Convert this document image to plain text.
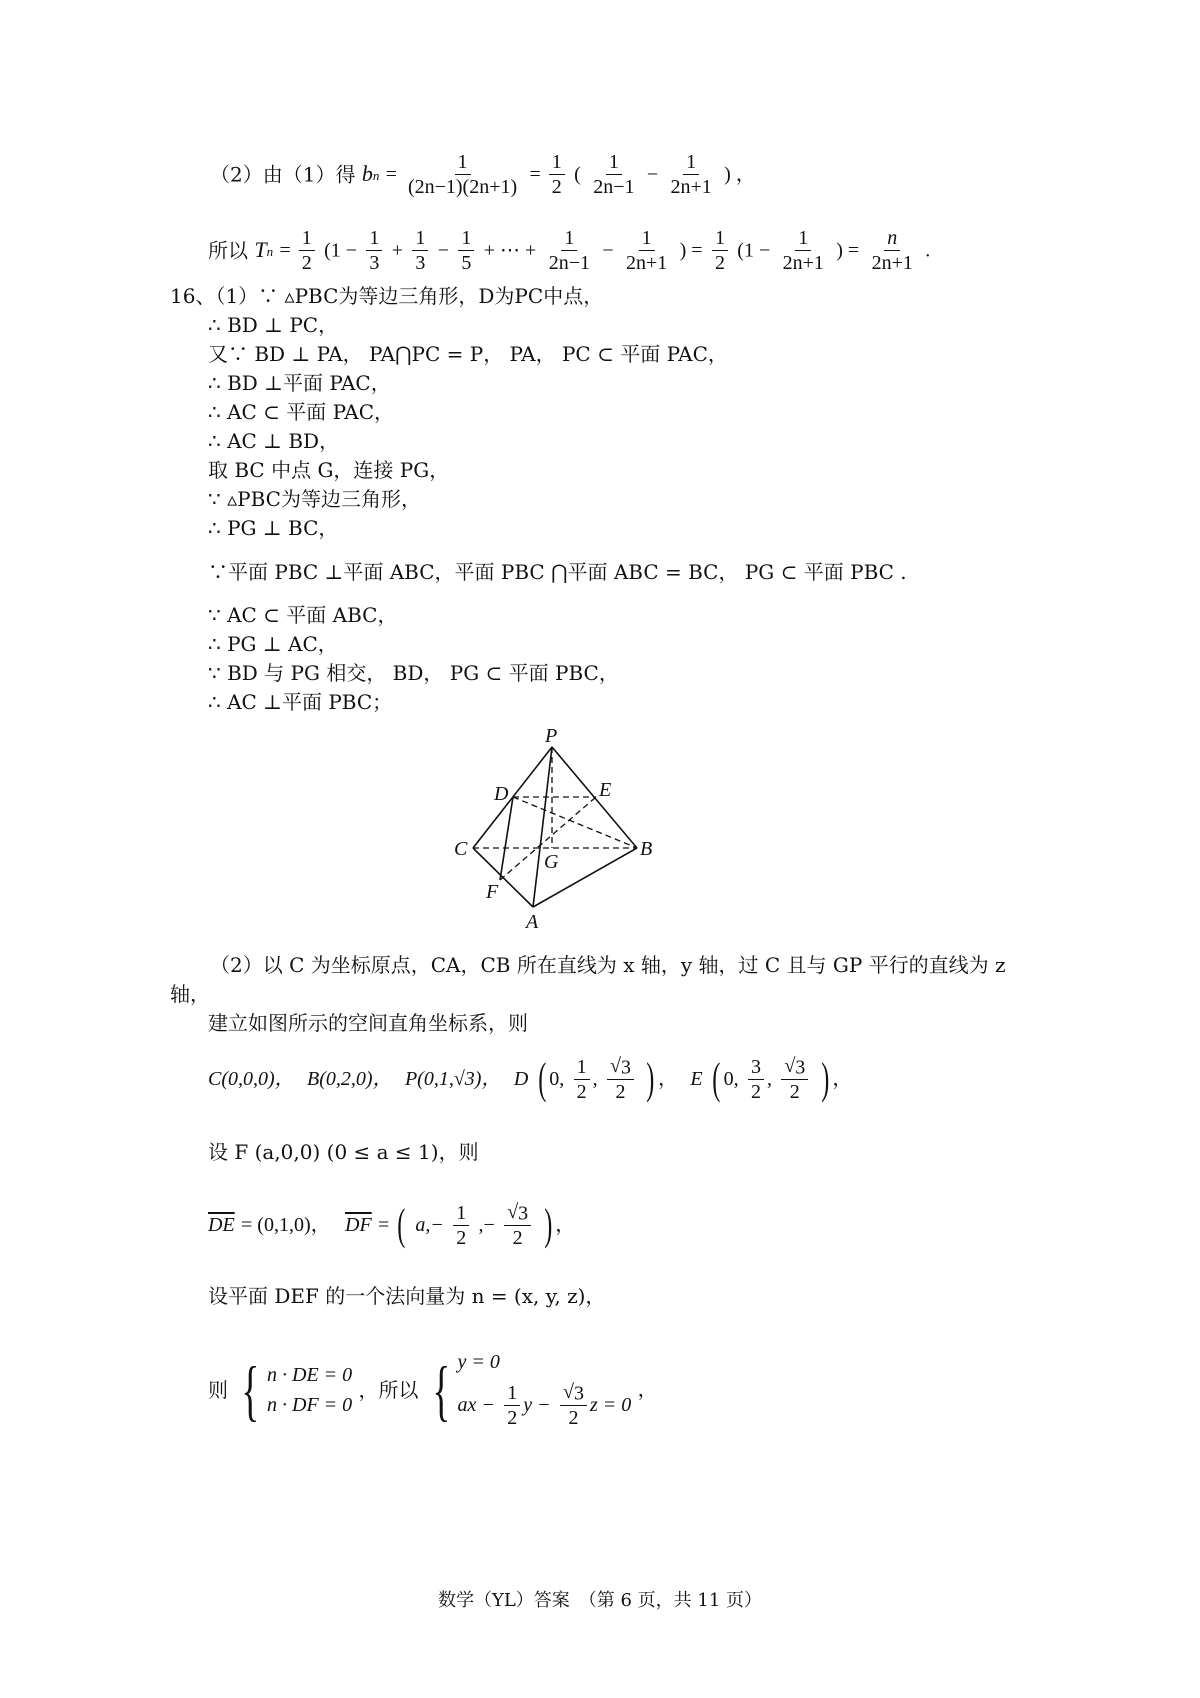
（2）由（1）得 bn = $\frac{1}{(2n-1)(2n+1)} = \frac{1}{2}$ ( $\frac{1}{2n-1} - \frac{1}{2n+1}$ ) ，
所以 $Tn = \frac{1}{2} (1 - \frac{1}{3} + \frac{1}{3} - \frac{1}{5}$ + ⋯ + $\frac{1}{2n-1} - \frac{1}{2n+1}$ ) = $\frac{1}{2} (1 - \frac{1}{2n+1}$ ) = $\frac{n}{2n+1}$ .
16、（1）∵ ▵PBC为等边三角形，D为PC中点，
∴ BD ⊥ PC，
又∵ BD ⊥ PA， PA⋂PC = P， PA， PC ⊂ 平面 PAC，
∴ BD ⊥平面 PAC，
∴ AC ⊂ 平面 PAC，
∴ AC ⊥ BD，
取 BC 中点 G，连接 PG，
∵ ▵PBC为等边三角形，
∴ PG ⊥ BC，
∵平面 PBC ⊥平面 ABC，平面 PBC ⋂平面 ABC = BC， PG ⊂ 平面 PBC .
∵ AC ⊂ 平面 ABC，
∴ PG ⊥ AC，
∵ BD 与 PG 相交， BD， PG ⊂ 平面 PBC，
∴ AC ⊥平面 PBC；
P
D	E
C
G
B
F
A
（2）以 C 为坐标原点，CA，CB 所在直线为 x 轴，y 轴，过 C 且与 GP 平行的直线为 z
轴，
建立如图所示的空间直角坐标系，则
C(0,0,0)， B(0,2,0)， P(0,1,√3)， D ( 0, $\frac{1}{2}$ , $\frac{√3}{2}$ ) ， E ( 0, $\frac{3}{2}$ , $\frac{√3}{2}$ ) ，
设 F (a,0,0) (0 ≤ a ≤ 1)，则
$\overline{DE} = (0,1,0)$， $\overline{DF}$ = ( $a,- \frac{1}{2}$ ,− $\frac{√3}{2}$ ) ，
设平面 DEF 的一个法向量为 n = (x, y, z)，
则 { n · DE = 0
n · DF = 0
，所以 { y = 0
ax − $\frac{1}{2}$ $y - \frac{√3}{2}$ z = 0
，
数学（YL）答案　（第 6 页，共 11 页）
